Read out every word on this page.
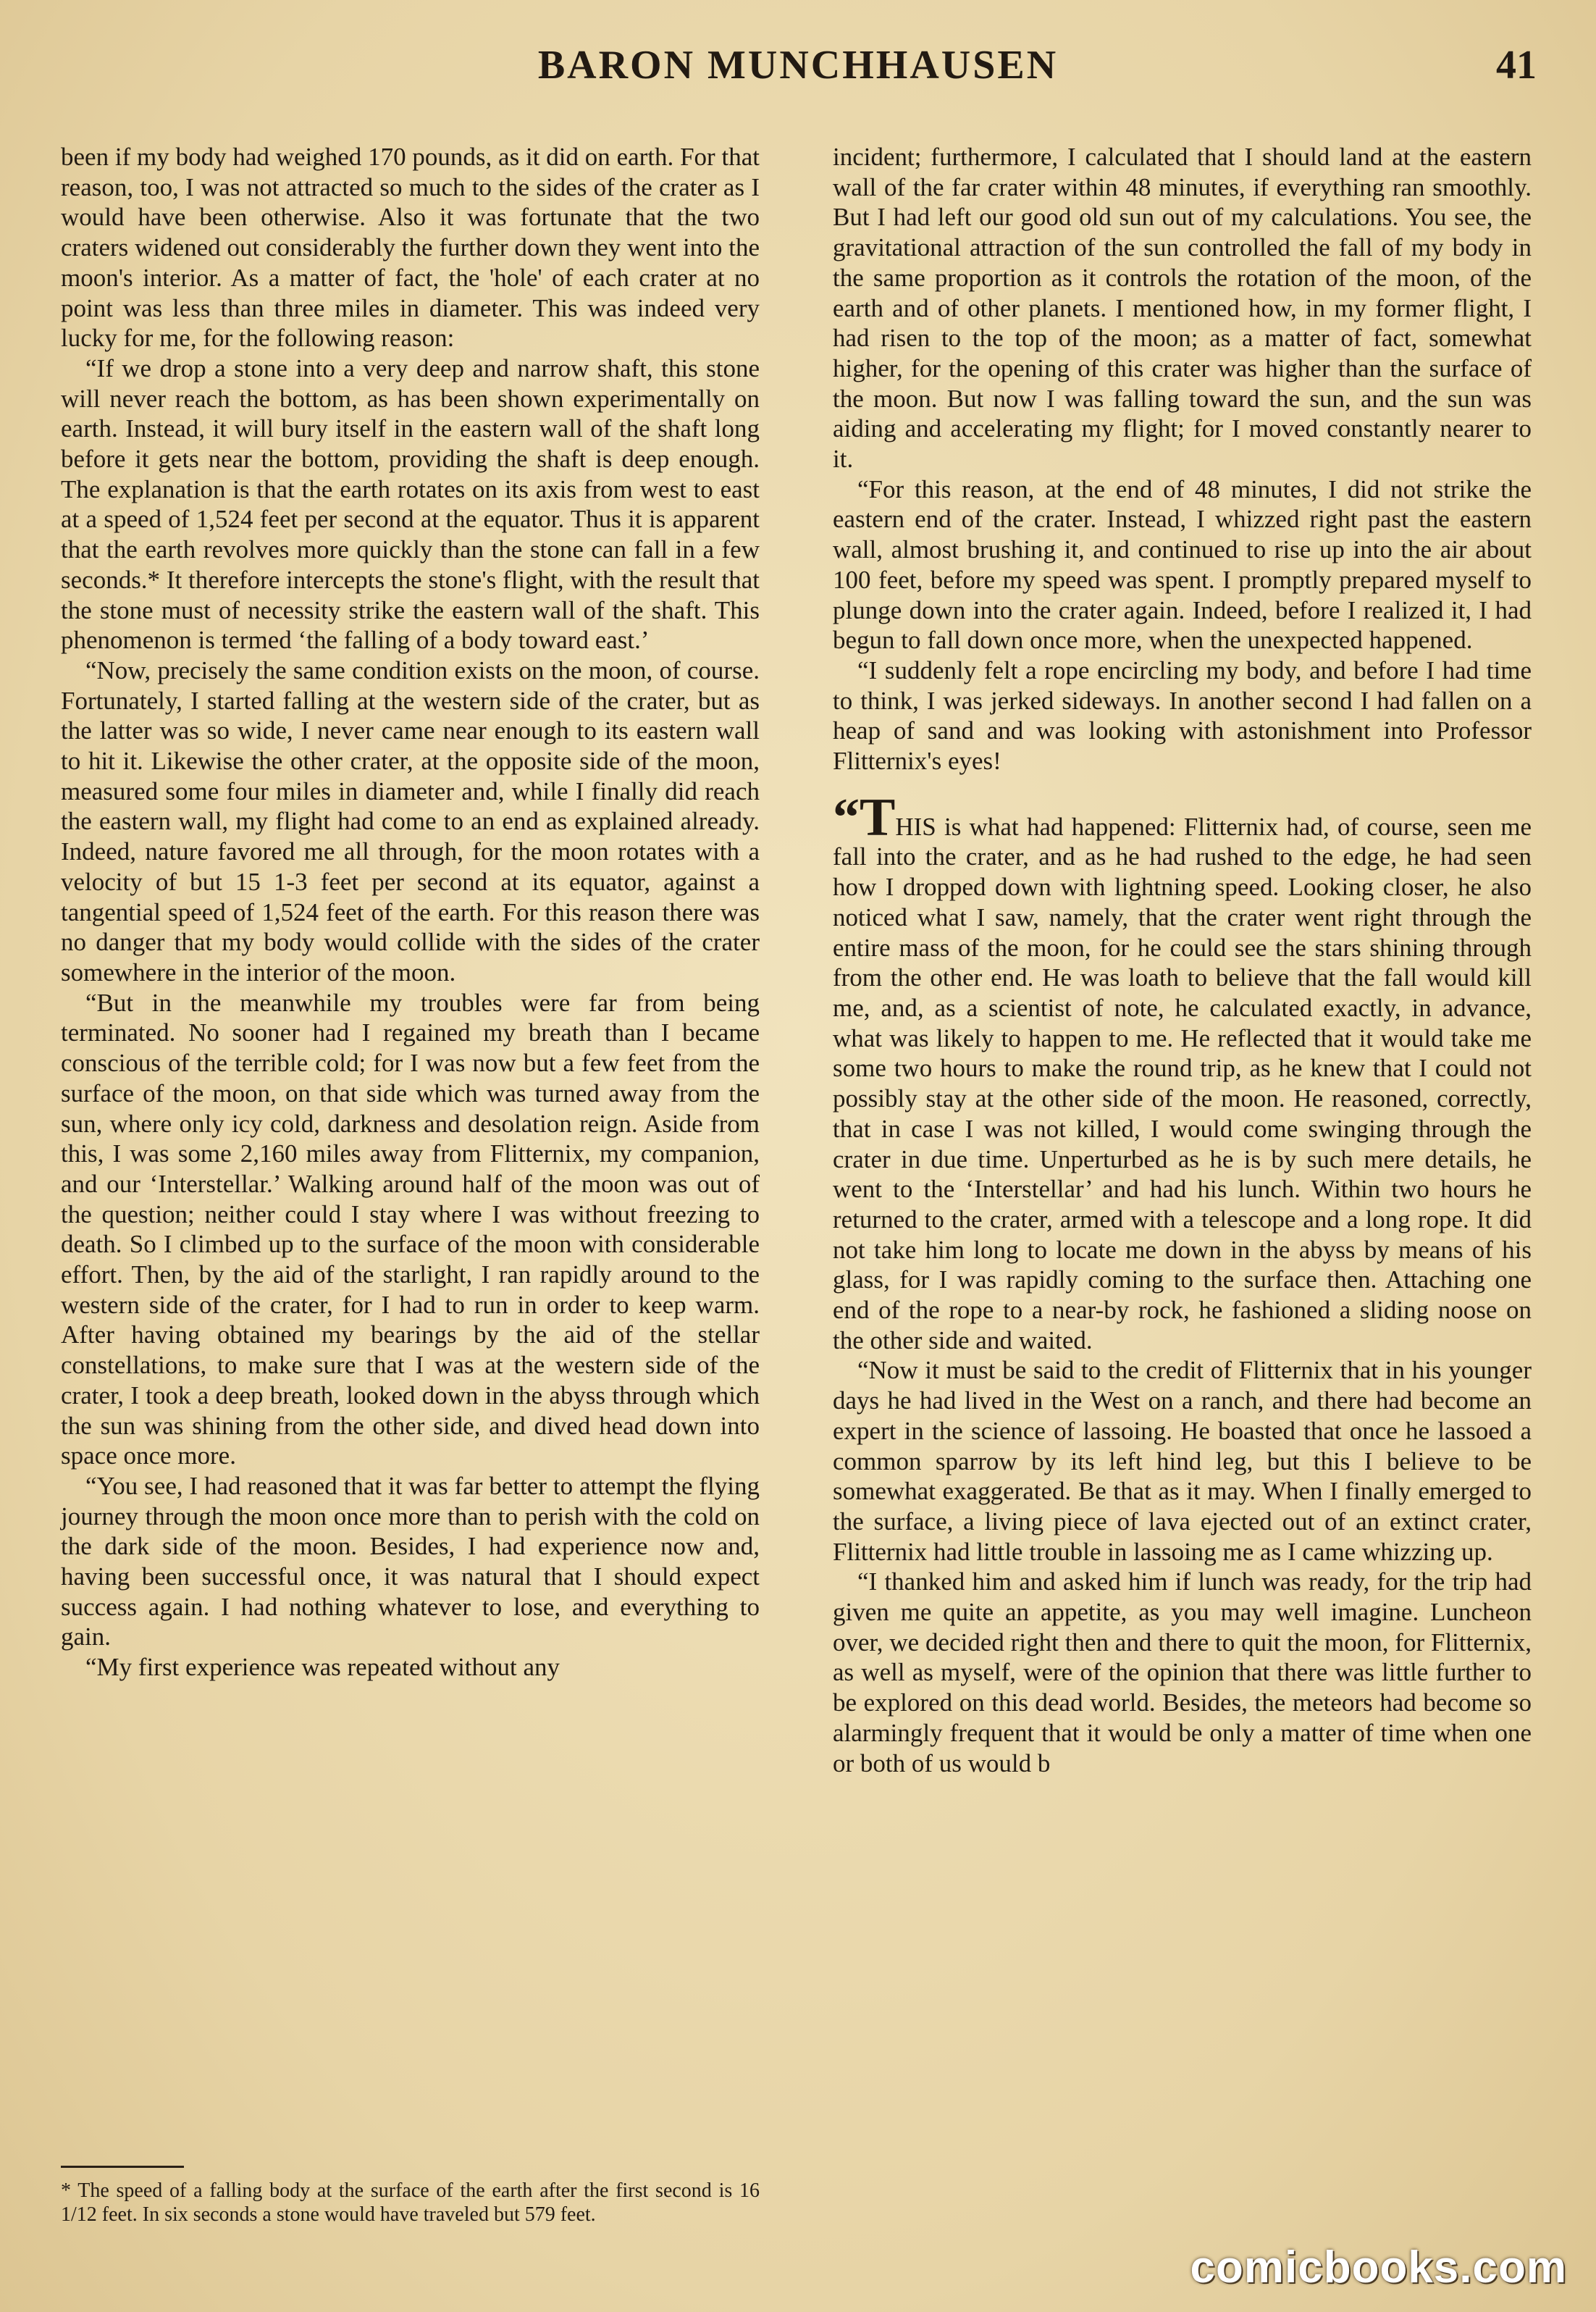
BARON MUNCHHAUSEN	41

been if my body had weighed 170 pounds, as it did on earth. For that reason, too, I was not attracted so much to the sides of the crater as I would have been otherwise. Also it was fortunate that the two craters widened out considerably the further down they went into the moon's interior. As a matter of fact, the 'hole' of each crater at no point was less than three miles in diameter. This was indeed very lucky for me, for the following reason:

“If we drop a stone into a very deep and narrow shaft, this stone will never reach the bottom, as has been shown experimentally on earth. Instead, it will bury itself in the eastern wall of the shaft long before it gets near the bottom, providing the shaft is deep enough. The explanation is that the earth rotates on its axis from west to east at a speed of 1,524 feet per second at the equator. Thus it is apparent that the earth revolves more quickly than the stone can fall in a few seconds.* It therefore intercepts the stone's flight, with the result that the stone must of necessity strike the eastern wall of the shaft. This phenomenon is termed ‘the falling of a body toward east.’

“Now, precisely the same condition exists on the moon, of course. Fortunately, I started falling at the western side of the crater, but as the latter was so wide, I never came near enough to its eastern wall to hit it. Likewise the other crater, at the opposite side of the moon, measured some four miles in diameter and, while I finally did reach the eastern wall, my flight had come to an end as explained already. Indeed, nature favored me all through, for the moon rotates with a velocity of but 15 1-3 feet per second at its equator, against a tangential speed of 1,524 feet of the earth. For this reason there was no danger that my body would collide with the sides of the crater somewhere in the interior of the moon.

“But in the meanwhile my troubles were far from being terminated. No sooner had I regained my breath than I became conscious of the terrible cold; for I was now but a few feet from the surface of the moon, on that side which was turned away from the sun, where only icy cold, darkness and desolation reign. Aside from this, I was some 2,160 miles away from Flitternix, my companion, and our ‘Interstellar.’ Walking around half of the moon was out of the question; neither could I stay where I was without freezing to death. So I climbed up to the surface of the moon with considerable effort. Then, by the aid of the starlight, I ran rapidly around to the western side of the crater, for I had to run in order to keep warm. After having obtained my bearings by the aid of the stellar constellations, to make sure that I was at the western side of the crater, I took a deep breath, looked down in the abyss through which the sun was shining from the other side, and dived head down into space once more.

“You see, I had reasoned that it was far better to attempt the flying journey through the moon once more than to perish with the cold on the dark side of the moon. Besides, I had experience now and, having been successful once, it was natural that I should expect success again. I had nothing whatever to lose, and everything to gain.

“My first experience was repeated without any

* The speed of a falling body at the surface of the earth after the first second is 16 1/12 feet. In six seconds a stone would have traveled but 579 feet.

incident; furthermore, I calculated that I should land at the eastern wall of the far crater within 48 minutes, if everything ran smoothly. But I had left our good old sun out of my calculations. You see, the gravitational attraction of the sun controlled the fall of my body in the same proportion as it controls the rotation of the moon, of the earth and of other planets. I mentioned how, in my former flight, I had risen to the top of the moon; as a matter of fact, somewhat higher, for the opening of this crater was higher than the surface of the moon. But now I was falling toward the sun, and the sun was aiding and accelerating my flight; for I moved constantly nearer to it.

“For this reason, at the end of 48 minutes, I did not strike the eastern end of the crater. Instead, I whizzed right past the eastern wall, almost brushing it, and continued to rise up into the air about 100 feet, before my speed was spent. I promptly prepared myself to plunge down into the crater again. Indeed, before I realized it, I had begun to fall down once more, when the unexpected happened.

“I suddenly felt a rope encircling my body, and before I had time to think, I was jerked sideways. In another second I had fallen on a heap of sand and was looking with astonishment into Professor Flitternix's eyes!

“THIS is what had happened: Flitternix had, of course, seen me fall into the crater, and as he had rushed to the edge, he had seen how I dropped down with lightning speed. Looking closer, he also noticed what I saw, namely, that the crater went right through the entire mass of the moon, for he could see the stars shining through from the other end. He was loath to believe that the fall would kill me, and, as a scientist of note, he calculated exactly, in advance, what was likely to happen to me. He reflected that it would take me some two hours to make the round trip, as he knew that I could not possibly stay at the other side of the moon. He reasoned, correctly, that in case I was not killed, I would come swinging through the crater in due time. Unperturbed as he is by such mere details, he went to the ‘Interstellar’ and had his lunch. Within two hours he returned to the crater, armed with a telescope and a long rope. It did not take him long to locate me down in the abyss by means of his glass, for I was rapidly coming to the surface then. Attaching one end of the rope to a near-by rock, he fashioned a sliding noose on the other side and waited.

“Now it must be said to the credit of Flitternix that in his younger days he had lived in the West on a ranch, and there had become an expert in the science of lassoing. He boasted that once he lassoed a common sparrow by its left hind leg, but this I believe to be somewhat exaggerated. Be that as it may. When I finally emerged to the surface, a living piece of lava ejected out of an extinct crater, Flitternix had little trouble in lassoing me as I came whizzing up.

“I thanked him and asked him if lunch was ready, for the trip had given me quite an appetite, as you may well imagine. Luncheon over, we decided right then and there to quit the moon, for Flitternix, as well as myself, were of the opinion that there was little further to be explored on this dead world. Besides, the meteors had become so alarmingly frequent that it would be only a matter of time when one or both of us would b

comicbooks.com
